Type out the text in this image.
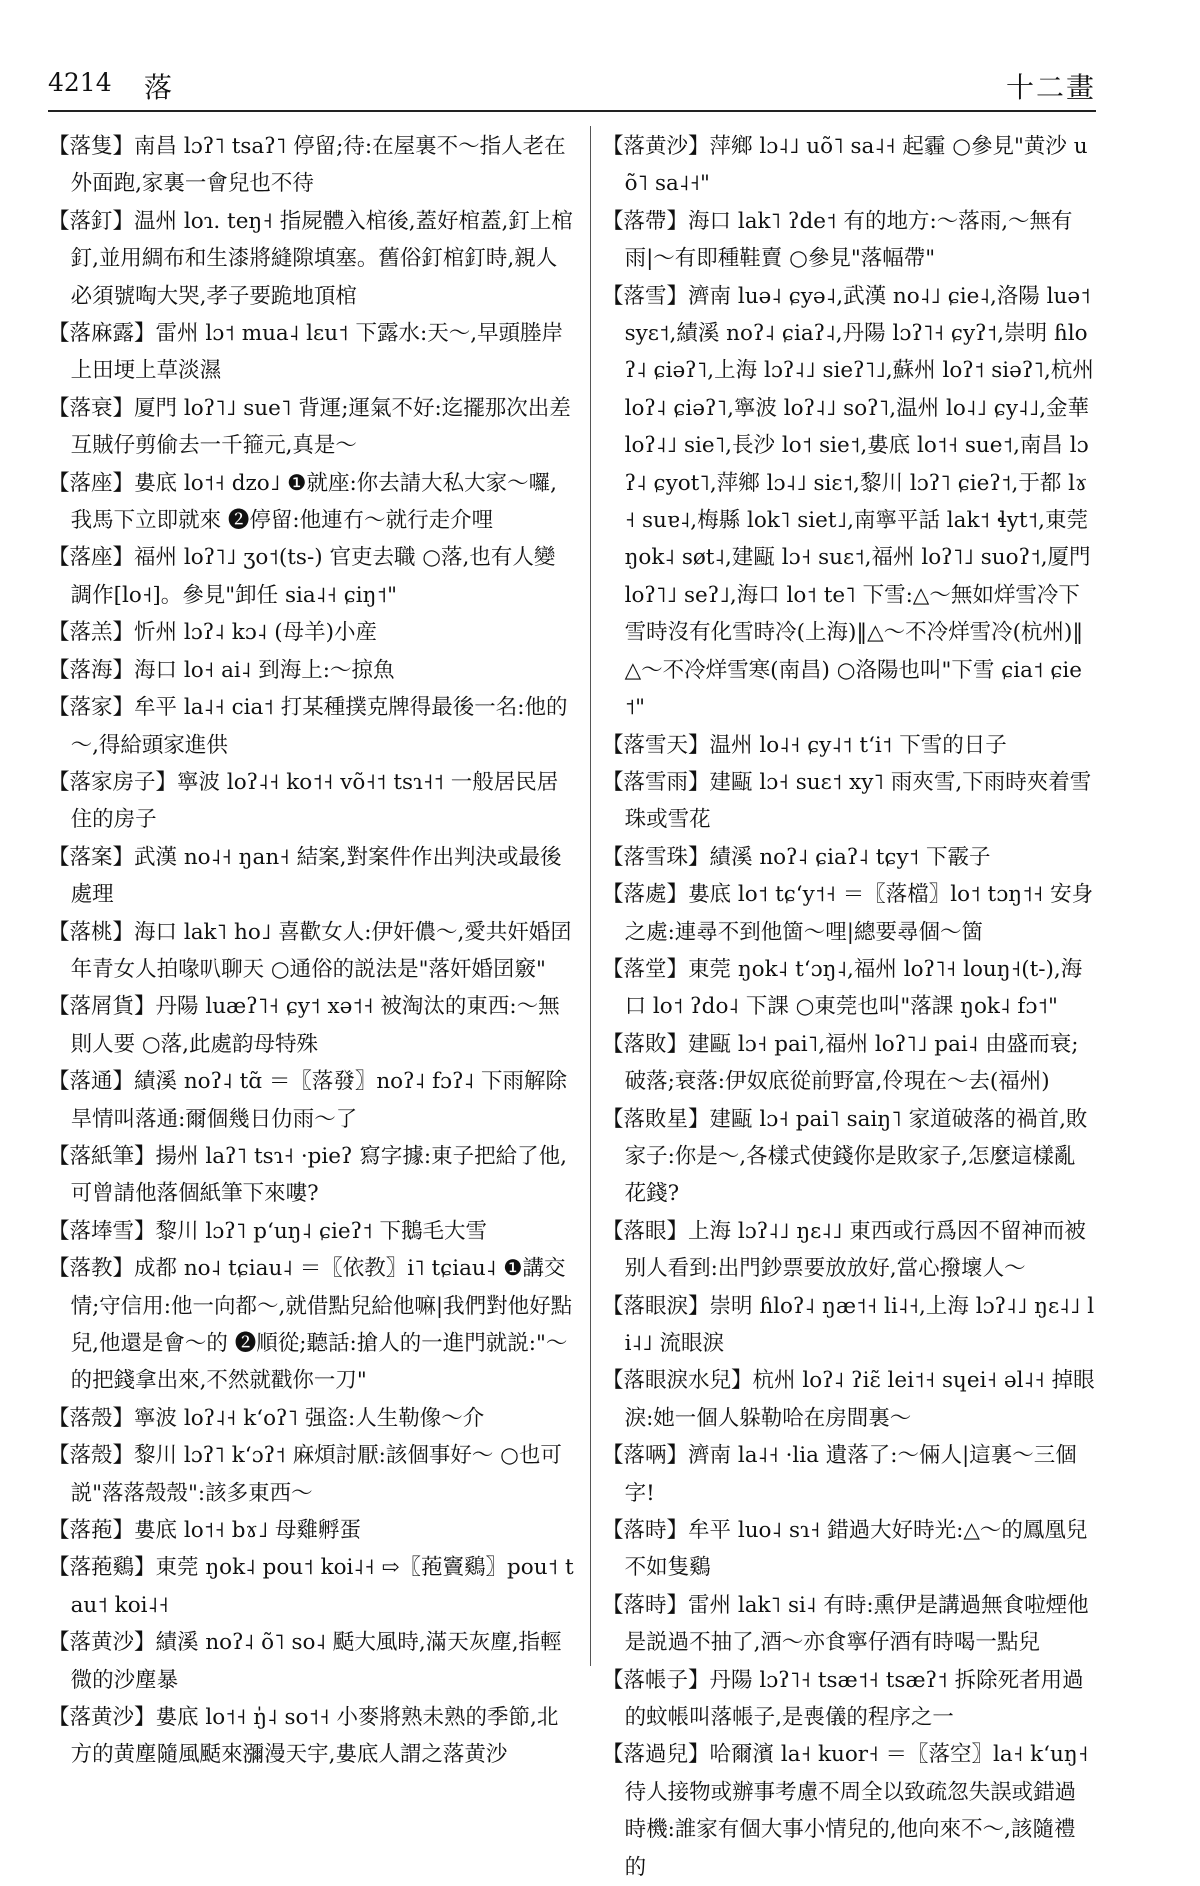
4214 落	十二畫

【落隻】南昌 lɔʔ˥ tsaʔ˥ 停留;待:在屋裏不～指人老在外面跑,家裏一會兒也不待

【落釘】温州 loɿ. teŋ˧ 指屍體入棺後,蓋好棺蓋,釘上棺釘,並用綢布和生漆將縫隙填塞。舊俗釘棺釘時,親人必須號啕大哭,孝子要跪地頂棺

【落麻露】雷州 lɔ˦ mua˨ lɛu˦ 下露水:天～,早頭塍岸上田埂上草淡濕

【落衰】厦門 loʔ˥˩ sue˥ 背運;運氣不好:迄擺那次出差互賊仔剪偷去一千箍元,真是～

【落座】婁底 lo˦˧ dzo˩ ❶就座:你去請大私大家～囉,我馬下立即就來 ❷停留:他連冇～就行走介哩

【落座】福州 loʔ˥˩ ʒo˦(ts-) 官吏去職 ○落,也有人變調作[lo˧]。參見"卸任 sia˨˧ ɕiŋ˦"

【落羔】忻州 lɔʔ˨ kɔ˨ (母羊)小産

【落海】海口 lo˧ ai˨ 到海上:～掠魚

【落家】牟平 la˨˧ cia˦ 打某種撲克牌得最後一名:他的～,得給頭家進供

【落家房子】寧波 loʔ˨˧ ko˦˧ võ˧˦ tsɿ˧˦ 一般居民居住的房子

【落案】武漢 no˨˧ ŋan˧ 結案,對案件作出判決或最後處理

【落桃】海口 lak˥ ho˩ 喜歡女人:伊奸儂～,愛共奸婚囝年青女人拍喙叭聊天 ○通俗的説法是"落奸婚囝竅"

【落屑貨】丹陽 luæʔ˥˧ ɕy˦ xə˦˧ 被淘汰的東西:～無則人要 ○落,此處韵母特殊

【落通】績溪 noʔ˨ tɑ̃ ＝〖落發〗noʔ˨ fɔʔ˨ 下雨解除旱情叫落通:爾個幾日仂雨～了

【落紙筆】揚州 laʔ˥ tsɿ˧ ·pieʔ 寫字據:東子把給了他,可曾請他落個紙筆下來嘍?

【落埲雪】黎川 lɔʔ˥ pʻuŋ˨ ɕieʔ˦ 下鵝毛大雪

【落教】成都 no˨ tɕiau˨ ＝〖依教〗i˥ tɕiau˨ ❶講交情;守信用:他一向都～,就借點兒給他嘛|我們對他好點兒,他還是會～的 ❷順從;聽話:搶人的一進門就説:"～的把錢拿出來,不然就戳你一刀"

【落殼】寧波 loʔ˨˧ kʻoʔ˥ 强盗:人生勒像～介

【落殼】黎川 lɔʔ˥ kʻɔʔ˦ 麻煩討厭:該個事好～ ○也可説"落落殼殼":該多東西～

【落菢】婁底 lo˦˧ bɤ˩ 母雞孵蛋

【落菢鷄】東莞 ŋok˨ pou˦ koi˨˧ ⇨〖菢竇鷄〗pou˦ tau˦ koi˨˧

【落黄沙】績溪 noʔ˨ õ˥ so˨ 颳大風時,滿天灰塵,指輕微的沙塵暴

【落黄沙】婁底 lo˦˧ ŋ̍˨ so˦˧ 小麥將熟未熟的季節,北方的黄塵隨風颳來瀰漫天宇,婁底人謂之落黄沙

【落黄沙】萍鄉 lɔ˨˩ uõ˥ sa˨˧ 起霾 ○參見"黄沙 uõ˥ sa˨˧"

【落帶】海口 lak˥ ʔde˦ 有的地方:～落雨,～無有雨|～有即種鞋賣 ○參見"落幅帶"

【落雪】濟南 luə˨ ɕyə˨,武漢 no˨˩ ɕie˨,洛陽 luə˦ syɛ˦,績溪 noʔ˨ ɕiaʔ˨,丹陽 lɔʔ˥˧ ɕyʔ˦,崇明 ɦloʔ˨ ɕiəʔ˥,上海 lɔʔ˨˩ sieʔ˥˩,蘇州 loʔ˦ siəʔ˥,杭州 loʔ˨ ɕiəʔ˥,寧波 loʔ˨˩ soʔ˥,温州 lo˨˩ ɕy˨˩,金華 loʔ˨˩ sie˥,長沙 lo˦ sie˦,婁底 lo˦˧ sue˦,南昌 lɔʔ˨ ɕyot˥,萍鄉 lɔ˨˩ siɛ˦,黎川 lɔʔ˥ ɕieʔ˦,于都 lɤ˧ suɐ˨,梅縣 lok˥ siet˩,南寧平話 lak˦ ɬyt˦,東莞 ŋok˨ søt˨,建甌 lɔ˧ suɛ˦,福州 loʔ˥˩ suoʔ˦,厦門 loʔ˥˩ seʔ˩,海口 lo˦ te˥ 下雪:△～無如烊雪冷下雪時沒有化雪時冷(上海)‖△～不冷烊雪冷(杭州)‖△～不冷烊雪寒(南昌) ○洛陽也叫"下雪 ɕia˦ ɕie˦"

【落雪天】温州 lo˨˧ ɕy˨˦ tʻi˦ 下雪的日子

【落雪雨】建甌 lɔ˧ suɛ˦ xy˥ 雨夾雪,下雨時夾着雪珠或雪花

【落雪珠】績溪 noʔ˨ ɕiaʔ˨ tɕy˦ 下霰子

【落處】婁底 lo˦ tɕʻy˦˧ ＝〖落檔〗lo˦ tɔŋ˦˧ 安身之處:連尋不到他箇～哩|總要尋個～箇

【落堂】東莞 ŋok˨ tʻɔŋ˨,福州 loʔ˥˧ louŋ˧(t-),海口 lo˦ ʔdo˨ 下課 ○東莞也叫"落課 ŋok˨ fɔ˦"

【落敗】建甌 lɔ˧ pai˥,福州 loʔ˥˩ pai˨ 由盛而衰;破落;衰落:伊奴底從前野富,伶現在～去(福州)

【落敗星】建甌 lɔ˧ pai˥ saiŋ˥ 家道破落的禍首,敗家子:你是～,各樣式使錢你是敗家子,怎麼這樣亂花錢?

【落眼】上海 lɔʔ˨˩ ŋɛ˨˩ 東西或行爲因不留神而被别人看到:出門鈔票要放放好,當心撥壞人～

【落眼淚】崇明 ɦloʔ˨ ŋæ˦˧ li˨˧,上海 lɔʔ˨˩ ŋɛ˨˩ li˨˩ 流眼淚

【落眼淚水兒】杭州 loʔ˨ ʔiɛ̃ lei˦˧ sɥei˧ əl˨˧ 掉眼淚:她一個人躲勒哈在房間裏～

【落唡】濟南 la˨˧ ·lia 遺落了:～倆人|這裏～三個字!

【落時】牟平 luo˨ sɿ˧ 錯過大好時光:△～的鳳凰兒不如隻鷄

【落時】雷州 lak˥ si˨ 有時:熏伊是講過無食啦煙他是説過不抽了,酒～亦食寧仔酒有時喝一點兒

【落帳子】丹陽 lɔʔ˥˧ tsæ˦˧ tsæʔ˦ 拆除死者用過的蚊帳叫落帳子,是喪儀的程序之一

【落過兒】哈爾濱 la˧ kuor˧ ＝〖落空〗la˧ kʻuŋ˧ 待人接物或辦事考慮不周全以致疏忽失誤或錯過時機:誰家有個大事小情兒的,他向來不～,該隨禮的
